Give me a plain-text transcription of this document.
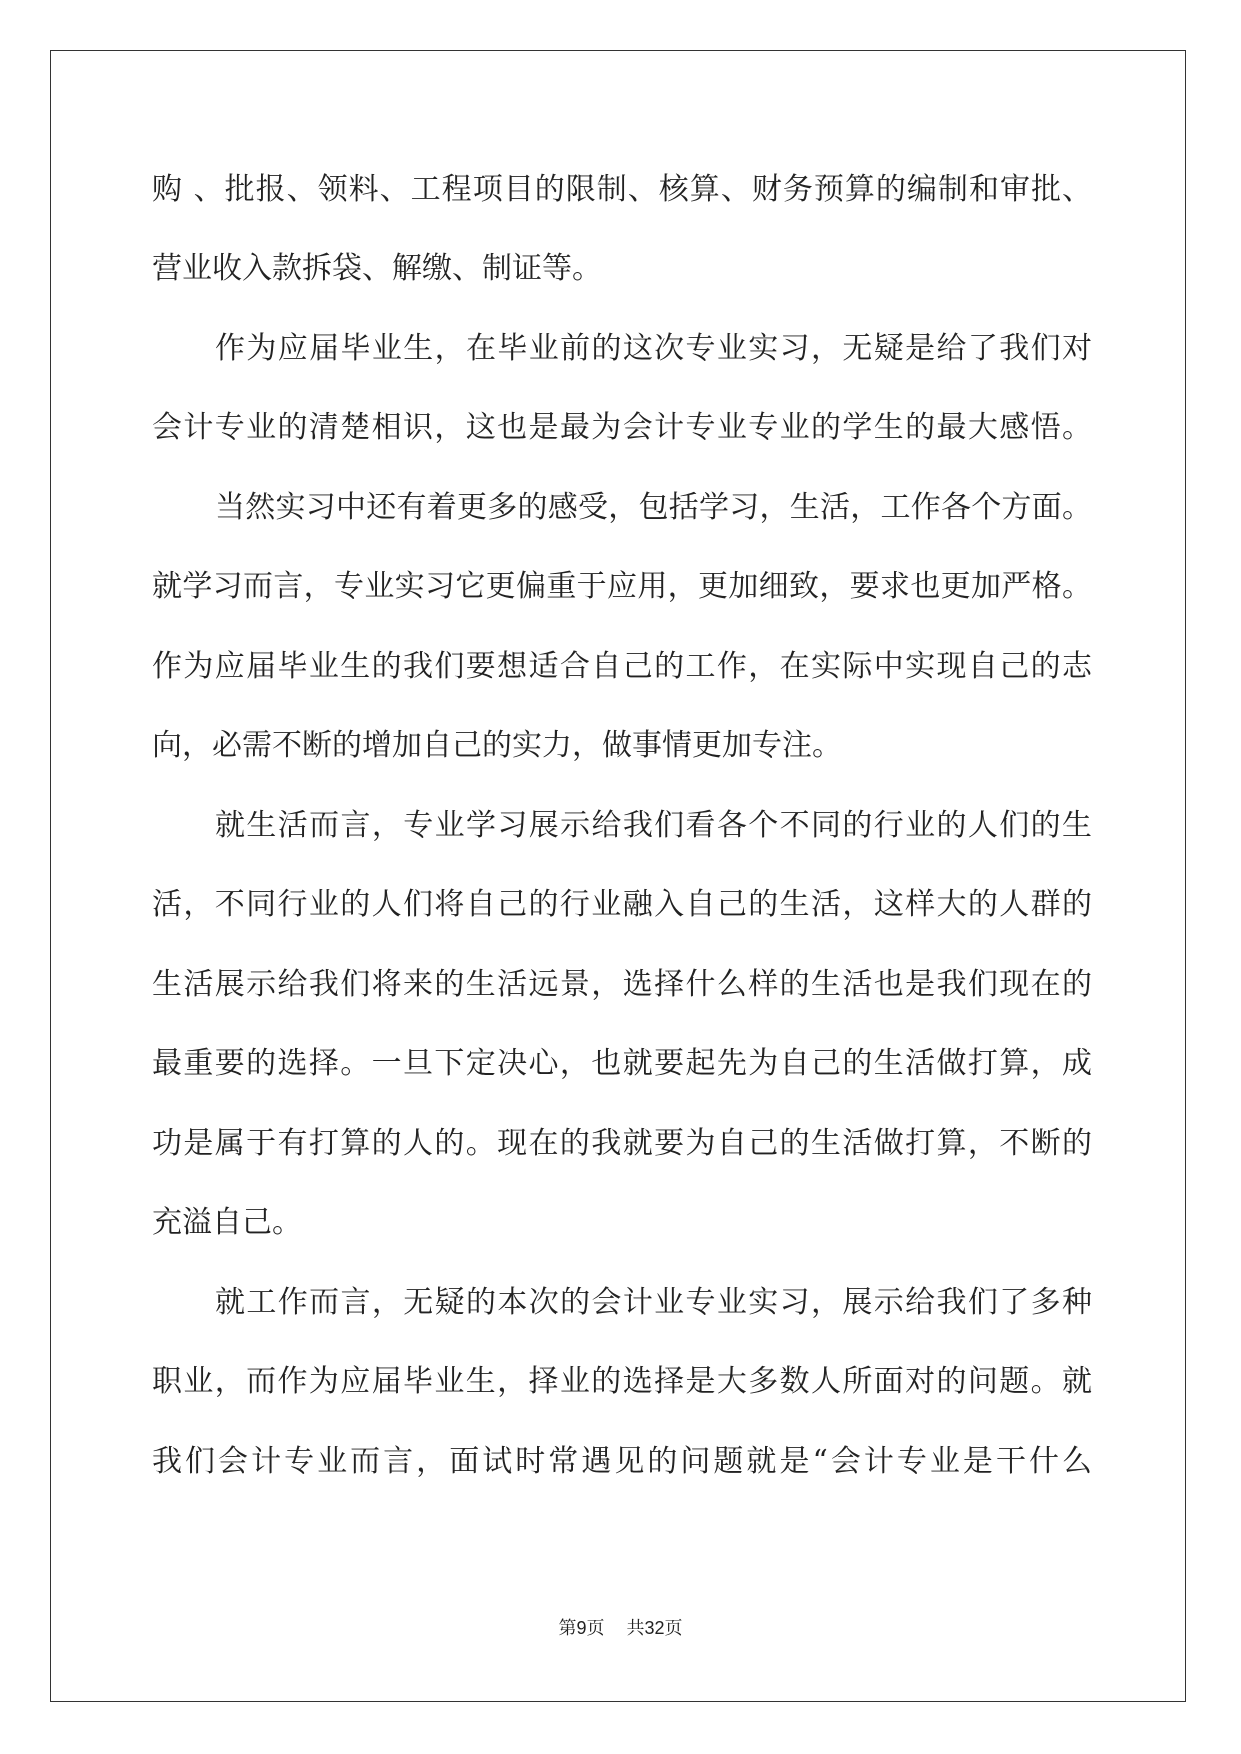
购 、批报、领料、工程项目的限制、核算、财务预算的编制和审批、
营业收入款拆袋、解缴、制证等。
作为应届毕业生，在毕业前的这次专业实习，无疑是给了我们对
会计专业的清楚相识，这也是最为会计专业专业的学生的最大感悟。
当然实习中还有着更多的感受，包括学习，生活，工作各个方面。
就学习而言，专业实习它更偏重于应用，更加细致，要求也更加严格。
作为应届毕业生的我们要想适合自己的工作，在实际中实现自己的志
向，必需不断的增加自己的实力，做事情更加专注。
就生活而言，专业学习展示给我们看各个不同的行业的人们的生
活，不同行业的人们将自己的行业融入自己的生活，这样大的人群的
生活展示给我们将来的生活远景，选择什么样的生活也是我们现在的
最重要的选择。一旦下定决心，也就要起先为自己的生活做打算，成
功是属于有打算的人的。现在的我就要为自己的生活做打算，不断的
充溢自己。
就工作而言，无疑的本次的会计业专业实习，展示给我们了多种
职业，而作为应届毕业生，择业的选择是大多数人所面对的问题。就
我们会计专业而言，面试时常遇见的问题就是“会计专业是干什么
第9页 共32页
